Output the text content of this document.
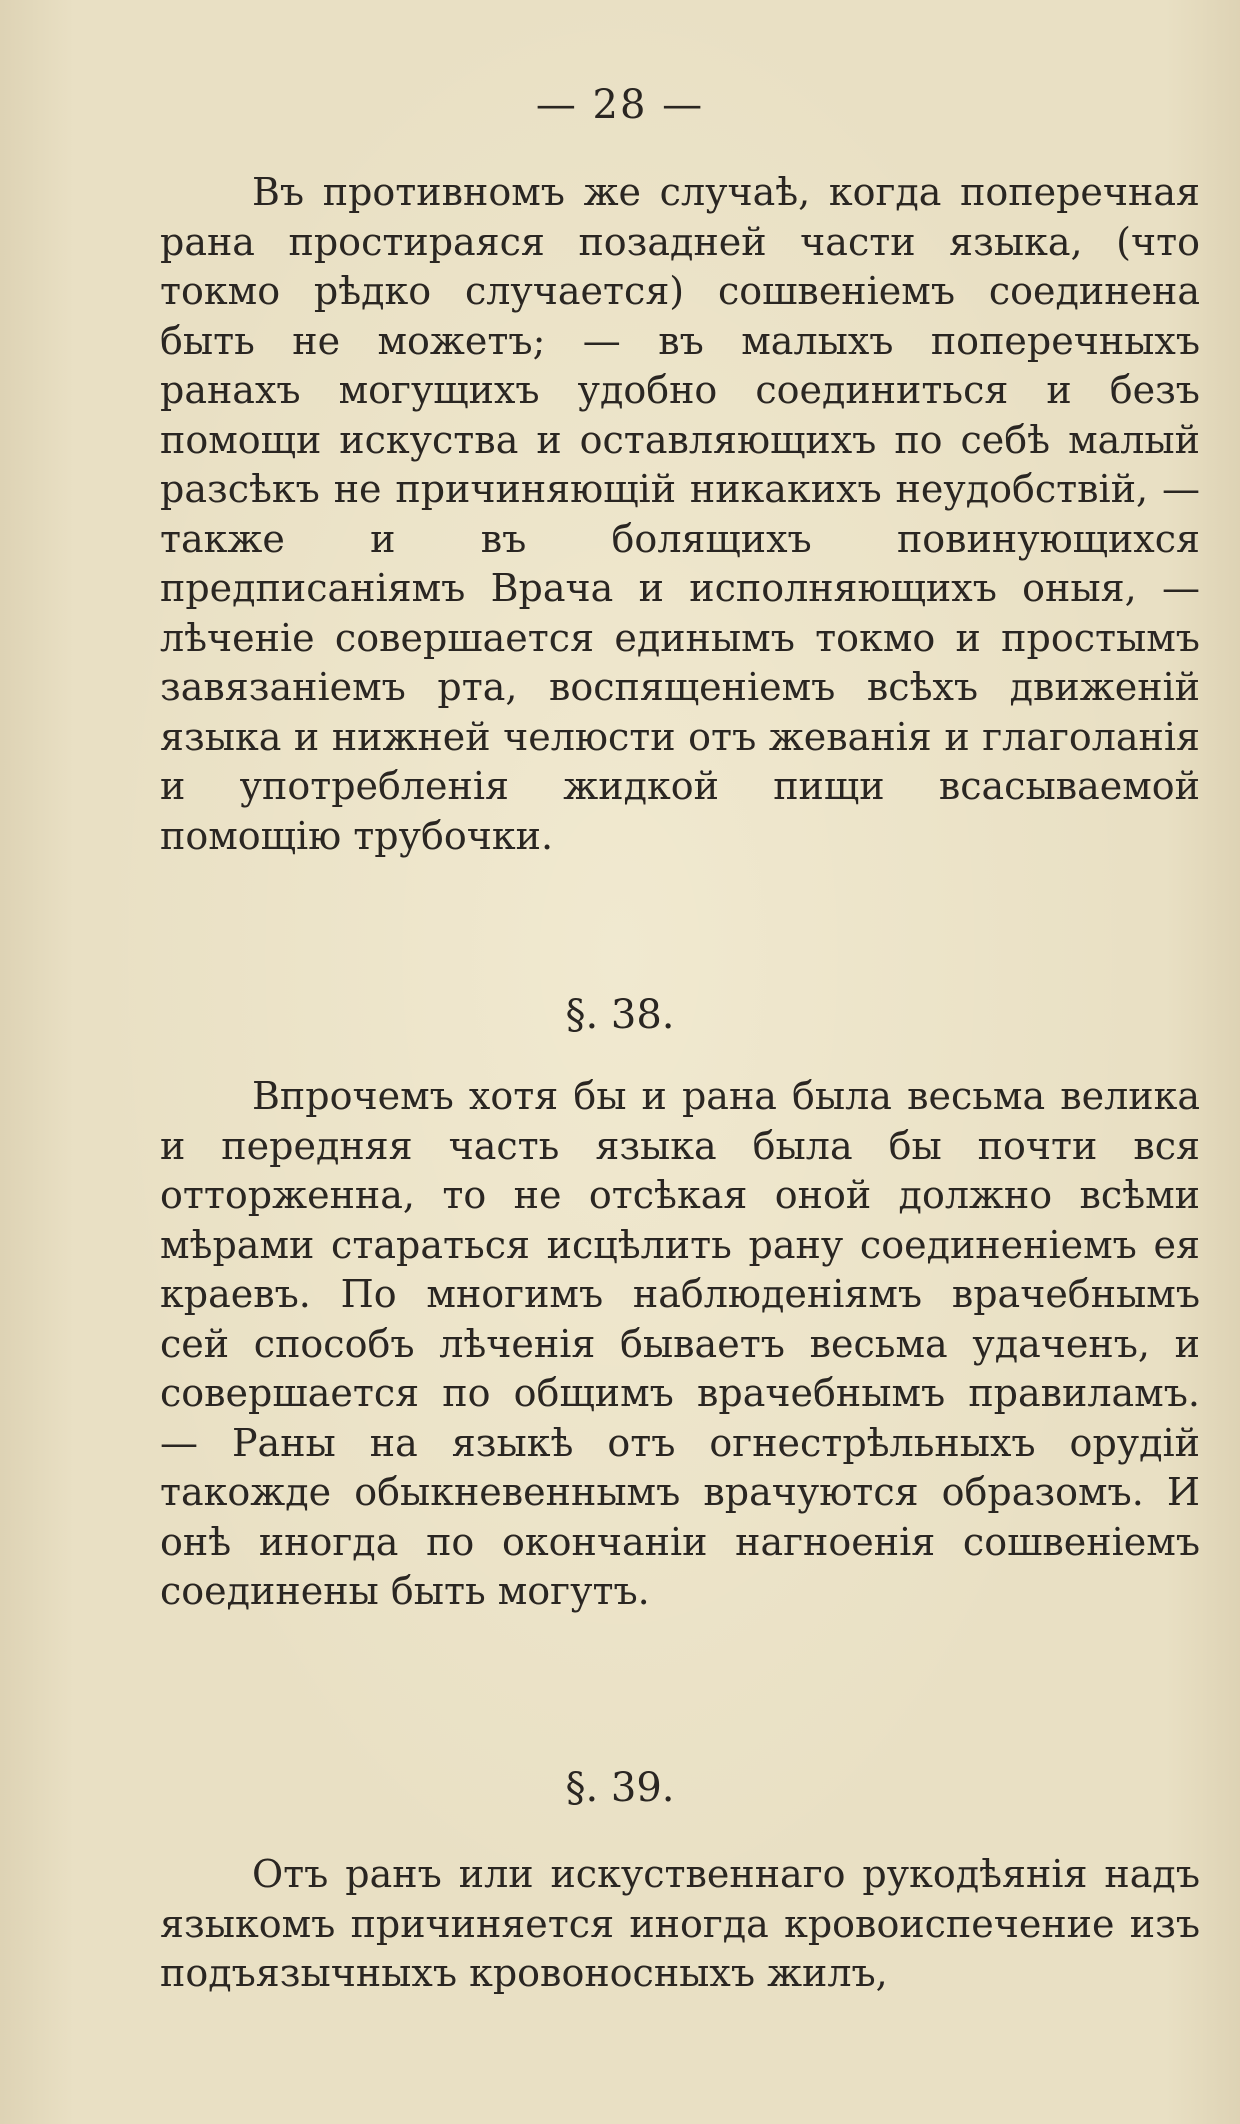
— 28 —

Въ противномъ же случаѣ, когда поперечная рана простираяся позадней части языка, (что токмо рѣдко случается) сошвенiемъ соединена быть не можетъ; — въ малыхъ поперечныхъ ранахъ могущихъ удобно соединиться и безъ помощи искуства и оставляющихъ по себѣ малый разсѣкъ не причиняющiй никакихъ неудобствiй, — также и въ болящихъ повинующихся предписанiямъ Врача и исполняющихъ оныя, — лѣченiе совершается единымъ токмо и простымъ завязанiемъ рта, воспященiемъ всѣхъ движенiй языка и нижней челюсти отъ жеванiя и глаголанiя и употребленiя жидкой пищи всасываемой помощiю трубочки.

§. 38.

Впрочемъ хотя бы и рана была весьма велика и передняя часть языка была бы почти вся отторженна, то не отсѣкая оной должно всѣми мѣрами стараться исцѣлить рану соединенiемъ ея краевъ. По многимъ наблюденiямъ врачебнымъ сей способъ лѣченiя бываетъ весьма удаченъ, и совершается по общимъ врачебнымъ правиламъ. — Раны на языкѣ отъ огнестрѣльныхъ орудiй такожде обыкневеннымъ врачуются образомъ. И онѣ иногда по окончанiи нагноенiя сошвенiемъ соединены быть могутъ.

§. 39.

Отъ ранъ или искуственнаго рукодѣянiя надъ языкомъ причиняется иногда кровоиспечение изъ подъязычныхъ кровоносныхъ жилъ,
